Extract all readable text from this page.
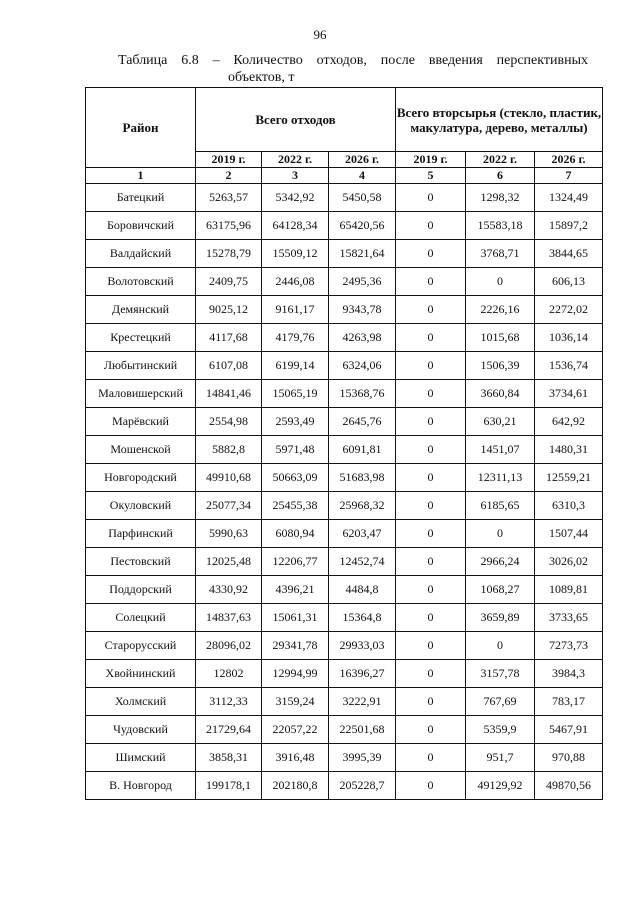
96
Таблица 6.8 – Количество отходов, после введения перспективных
объектов, т
Район	Всего отходов			Всего вторсырья (стекло, пластик, макулатура, дерево, металлы)		
	2019 г.	2022 г.	2026 г.	2019 г.	2022 г.	2026 г.
1	2	3	4	5	6	7
Батецкий	5263,57	5342,92	5450,58	0	1298,32	1324,49
Боровичский	63175,96	64128,34	65420,56	0	15583,18	15897,2
Валдайский	15278,79	15509,12	15821,64	0	3768,71	3844,65
Волотовский	2409,75	2446,08	2495,36	0	0	606,13
Демянский	9025,12	9161,17	9343,78	0	2226,16	2272,02
Крестецкий	4117,68	4179,76	4263,98	0	1015,68	1036,14
Любытинский	6107,08	6199,14	6324,06	0	1506,39	1536,74
Маловишерский	14841,46	15065,19	15368,76	0	3660,84	3734,61
Марёвский	2554,98	2593,49	2645,76	0	630,21	642,92
Мошенской	5882,8	5971,48	6091,81	0	1451,07	1480,31
Новгородский	49910,68	50663,09	51683,98	0	12311,13	12559,21
Окуловский	25077,34	25455,38	25968,32	0	6185,65	6310,3
Парфинский	5990,63	6080,94	6203,47	0	0	1507,44
Пестовский	12025,48	12206,77	12452,74	0	2966,24	3026,02
Поддорский	4330,92	4396,21	4484,8	0	1068,27	1089,81
Солецкий	14837,63	15061,31	15364,8	0	3659,89	3733,65
Старорусский	28096,02	29341,78	29933,03	0	0	7273,73
Хвойнинский	12802	12994,99	16396,27	0	3157,78	3984,3
Холмский	3112,33	3159,24	3222,91	0	767,69	783,17
Чудовский	21729,64	22057,22	22501,68	0	5359,9	5467,91
Шимский	3858,31	3916,48	3995,39	0	951,7	970,88
В. Новгород	199178,1	202180,8	205228,7	0	49129,92	49870,56
